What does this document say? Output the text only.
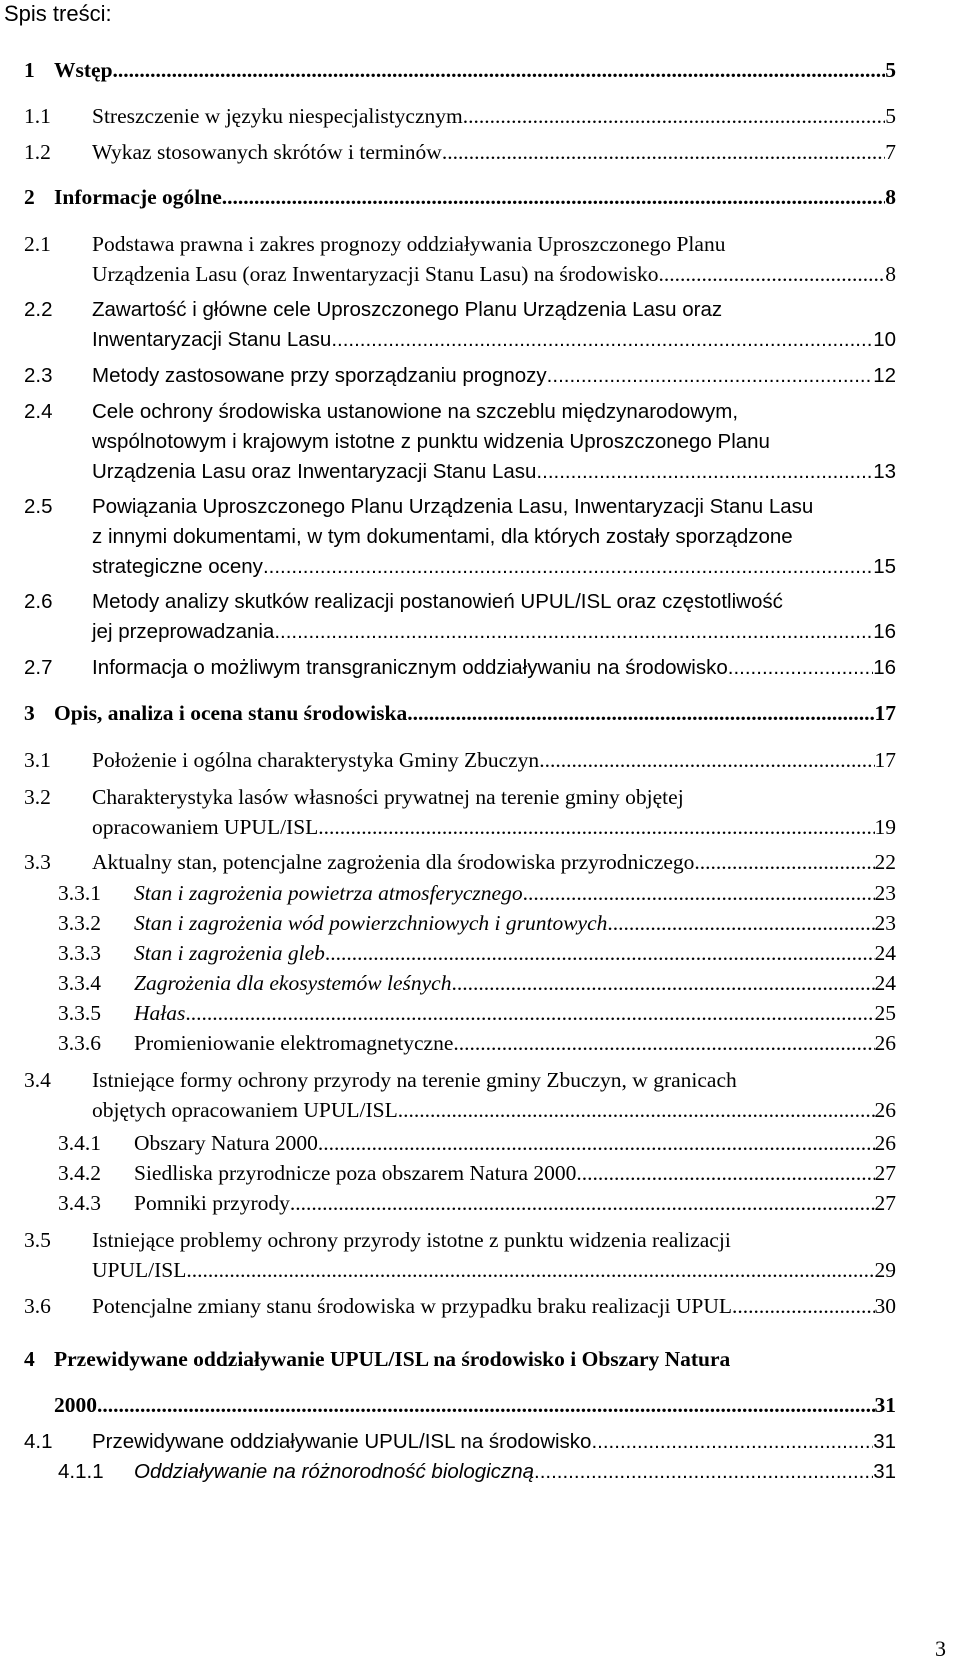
Spis treści:
1 Wstęp .....	5
1.1 Streszczenie w języku niespecjalistycznym .....	5
1.2 Wykaz stosowanych skrótów i terminów .....	7
2 Informacje ogólne .....	8
2.1 Podstawa prawna i zakres prognozy oddziaływania Uproszczonego Planu
Urządzenia Lasu (oraz Inwentaryzacji Stanu Lasu) na środowisko .....	8
2.2 Zawartość i główne cele Uproszczonego Planu Urządzenia Lasu oraz
Inwentaryzacji Stanu Lasu .....	10
2.3 Metody zastosowane przy sporządzaniu prognozy .....	12
2.4 Cele ochrony środowiska ustanowione na szczeblu międzynarodowym,
wspólnotowym i krajowym istotne z punktu widzenia Uproszczonego Planu
Urządzenia Lasu oraz Inwentaryzacji Stanu Lasu .....	13
2.5 Powiązania Uproszczonego Planu Urządzenia Lasu, Inwentaryzacji Stanu Lasu
z innymi dokumentami, w tym dokumentami, dla których zostały sporządzone
strategiczne oceny .....	15
2.6 Metody analizy skutków realizacji postanowień UPUL/ISL oraz częstotliwość
jej przeprowadzania .....	16
2.7 Informacja o możliwym transgranicznym oddziaływaniu na środowisko .....	16
3 Opis, analiza i ocena stanu środowiska .....	17
3.1 Położenie i ogólna charakterystyka Gminy Zbuczyn .....	17
3.2 Charakterystyka lasów własności prywatnej na terenie gminy objętej
opracowaniem UPUL/ISL .....	19
3.3 Aktualny stan, potencjalne zagrożenia dla środowiska przyrodniczego .....	22
3.3.1 Stan i zagrożenia powietrza atmosferycznego .....	23
3.3.2 Stan i zagrożenia wód powierzchniowych i gruntowych .....	23
3.3.3 Stan i zagrożenia gleb .....	24
3.3.4 Zagrożenia dla ekosystemów leśnych .....	24
3.3.5 Hałas .....	25
3.3.6 Promieniowanie elektromagnetyczne .....	26
3.4 Istniejące formy ochrony przyrody na terenie gminy Zbuczyn, w granicach
objętych opracowaniem UPUL/ISL .....	26
3.4.1 Obszary Natura 2000 .....	26
3.4.2 Siedliska przyrodnicze poza obszarem Natura 2000 .....	27
3.4.3 Pomniki przyrody .....	27
3.5 Istniejące problemy ochrony przyrody istotne z punktu widzenia realizacji
UPUL/ISL .....	29
3.6 Potencjalne zmiany stanu środowiska w przypadku braku realizacji UPUL .....	30
4 Przewidywane oddziaływanie UPUL/ISL na środowisko i Obszary Natura
2000 .....	31
4.1 Przewidywane oddziaływanie UPUL/ISL na środowisko .....	31
4.1.1 Oddziaływanie na różnorodność biologiczną .....	31
3
